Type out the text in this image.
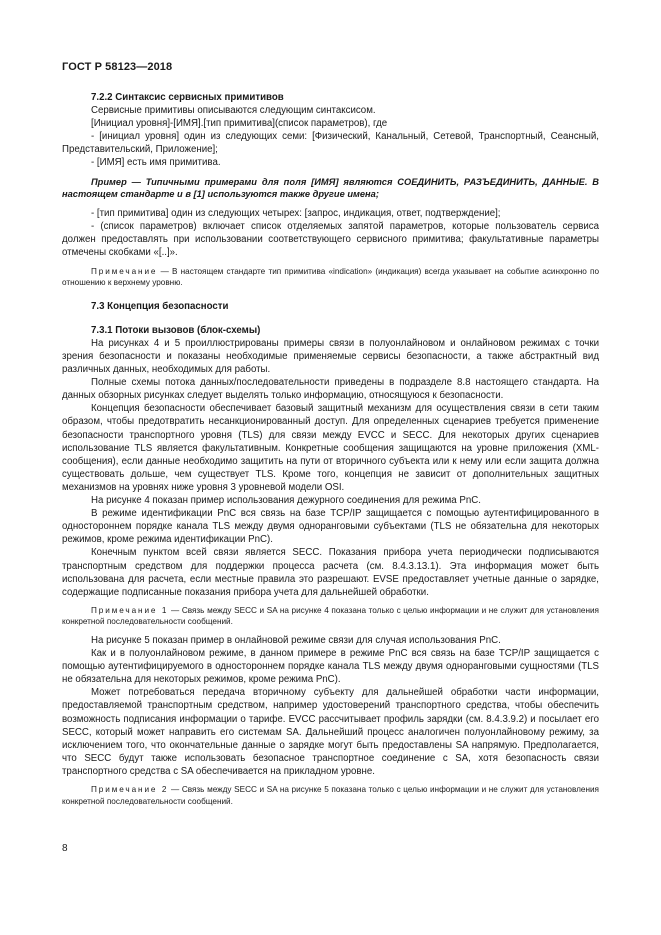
ГОСТ Р 58123—2018

7.2.2 Синтаксис сервисных примитивов

Сервисные примитивы описываются следующим синтаксисом.

[Инициал уровня]-[ИМЯ].[тип примитива](список параметров), где

- [инициал уровня] один из следующих семи: [Физический, Канальный, Сетевой, Транспортный, Сеансный, Представительский, Приложение];

- [ИМЯ] есть имя примитива.

Пример — Типичными примерами для поля [ИМЯ] являются СОЕДИНИТЬ, РАЗЪЕДИНИТЬ, ДАННЫЕ. В настоящем стандарте и в [1] используются также другие имена;

- [тип примитива] один из следующих четырех: [запрос, индикация, ответ, подтверждение];

- (список параметров) включает список отделяемых запятой параметров, которые пользователь сервиса должен предоставлять при использовании соответствующего сервисного примитива; факультативные параметры отмечены скобками «[..]».

Примечание — В настоящем стандарте тип примитива «indication» (индикация) всегда указывает на событие асинхронно по отношению к верхнему уровню.

7.3 Концепция безопасности

7.3.1 Потоки вызовов (блок-схемы)

На рисунках 4 и 5 проиллюстрированы примеры связи в полуонлайновом и онлайновом режимах с точки зрения безопасности и показаны необходимые применяемые сервисы безопасности, а также абстрактный вид различных данных, необходимых для работы.

Полные схемы потока данных/последовательности приведены в подразделе 8.8 настоящего стандарта. На данных обзорных рисунках следует выделять только информацию, относящуюся к безопасности.

Концепция безопасности обеспечивает базовый защитный механизм для осуществления связи в сети таким образом, чтобы предотвратить несанкционированный доступ. Для определенных сценариев требуется применение безопасности транспортного уровня (TLS) для связи между EVCC и SECC. Для некоторых других сценариев использование TLS является факультативным. Конкретные сообщения защищаются на уровне приложения (XML-сообщения), если данные необходимо защитить на пути от вторичного субъекта или к нему или если защита должна существовать дольше, чем существует TLS. Кроме того, концепция не зависит от дополнительных защитных механизмов на уровнях ниже уровня 3 уровневой модели OSI.

На рисунке 4 показан пример использования дежурного соединения для режима PnC.

В режиме идентификации PnC вся связь на базе TCP/IP защищается с помощью аутентифицированного в одностороннем порядке канала TLS между двумя одноранговыми субъектами (TLS не обязательна для некоторых режимов, кроме режима идентификации PnC).

Конечным пунктом всей связи является SECC. Показания прибора учета периодически подписываются транспортным средством для поддержки процесса расчета (см. 8.4.3.13.1). Эта информация может быть использована для расчета, если местные правила это разрешают. EVSE предоставляет учетные данные о зарядке, содержащие подписанные показания прибора учета для дальнейшей обработки.

Примечание 1 — Связь между SECC и SA на рисунке 4 показана только с целью информации и не служит для установления конкретной последовательности сообщений.

На рисунке 5 показан пример в онлайновой режиме связи для случая использования PnC.

Как и в полуонлайновом режиме, в данном примере в режиме PnC вся связь на базе TCP/IP защищается с помощью аутентифицируемого в одностороннем порядке канала TLS между двумя одноранговыми сущностями (TLS не обязательна для некоторых режимов, кроме режима PnC).

Может потребоваться передача вторичному субъекту для дальнейшей обработки части информации, предоставляемой транспортным средством, например удостоверений транспортного средства, чтобы обеспечить возможность подписания информации о тарифе. EVCC рассчитывает профиль зарядки (см. 8.4.3.9.2) и посылает его SECC, который может направить его системам SA. Дальнейший процесс аналогичен полуонлайновому режиму, за исключением того, что окончательные данные о зарядке могут быть предоставлены SA напрямую. Предполагается, что SECC будут также использовать безопасное транспортное соединение с SA, хотя безопасность связи транспортного средства с SA обеспечивается на прикладном уровне.

Примечание 2 — Связь между SECC и SA на рисунке 5 показана только с целью информации и не служит для установления конкретной последовательности сообщений.

8
